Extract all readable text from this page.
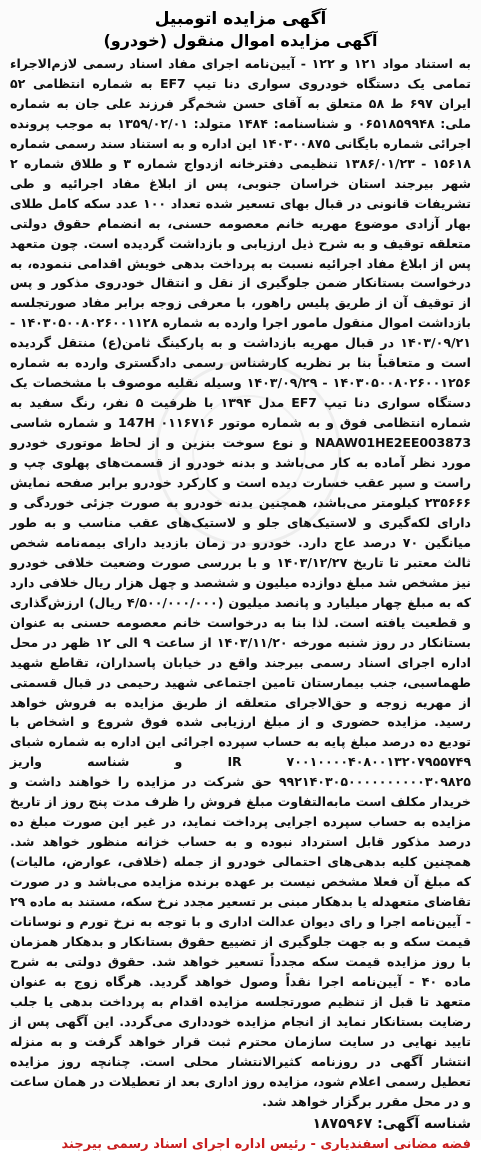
آگهی مزایده اتومبیل
آگهی مزایده اموال منقول (خودرو)
به استناد مواد ۱۲۱ و ۱۲۲ - آیین‌نامه اجرای مفاد اسناد رسمی لازم‌الاجراء تمامی یک دستگاه خودروی سواری دنا تیپ EF7 به شماره انتظامی ۵۲ ایران ۶۹۷ ط ۵۸ متعلق به آقای حسن شخم‌گر فرزند علی جان به شماره ملی: ۰۶۵۱۸۵۹۹۴۸ و شناسنامه: ۱۴۸۴ متولد: ۱۳۵۹/۰۲/۰۱ به موجب پرونده اجرائی شماره بایگانی ۱۴۰۳۰۰۸۷۵ این اداره و به استناد سند رسمی شماره ۱۵۶۱۸ - ۱۳۸۶/۰۱/۲۳ تنظیمی دفترخانه ازدواج شماره ۳ و طلاق شماره ۲ شهر بیرجند استان خراسان جنوبی، پس از ابلاغ مفاد اجرائیه و طی تشریفات قانونی در قبال بهای تسعیر شده تعداد ۱۰۰ عدد سکه کامل طلای بهار آزادی موضوع مهریه خانم معصومه حسنی، به انضمام حقوق دولتی متعلقه توقیف و به شرح ذیل ارزیابی و بازداشت گردیده است. چون متعهد پس از ابلاغ مفاد اجرائیه نسبت به پرداخت بدهی خویش اقدامی ننموده، به درخواست بستانکار ضمن جلوگیری از نقل و انتقال خودروی مذکور و پس از توقیف آن از طریق پلیس راهور، با معرفی زوجه برابر مفاد صورتجلسه بازداشت اموال منقول مامور اجرا وارده به شماره ۱۴۰۳۰۵۰۰۸۰۲۶۰۰۱۱۲۸ - ۱۴۰۳/۰۹/۲۱ در قبال مهریه بازداشت و به پارکینگ ثامن(ع) منتقل گردیده است و متعاقباً بنا بر نظریه کارشناس رسمی دادگستری وارده به شماره ۱۴۰۳۰۵۰۰۸۰۲۶۰۰۱۲۵۶ - ۱۴۰۳/۰۹/۲۹ وسیله نقلیه موصوف با مشخصات یک دستگاه سواری دنا تیپ EF7 مدل ۱۳۹۴ با ظرفیت ۵ نفر، رنگ سفید به شماره انتظامی فوق و به شماره موتور 147H ۰۱۱۶۷۱۶ و شماره شاسی NAAW01HE2EE003873 و نوع سوخت بنزین و از لحاظ موتوری خودرو مورد نظر آماده به کار می‌باشد و بدنه خودرو از قسمت‌های پهلوی چپ و راست و سپر عقب خسارت دیده است و کارکرد خودرو برابر صفحه نمایش ۲۳۵۶۶۶ کیلومتر می‌باشد، همچنین بدنه خودرو به صورت جزئی خوردگی و دارای لکه‌گیری و لاستیک‌های جلو و لاستیک‌های عقب مناسب و به طور میانگین ۷۰ درصد عاج دارد. خودرو در زمان بازدید دارای بیمه‌نامه شخص ثالث معتبر تا تاریخ ۱۴۰۳/۱۲/۲۷ و با بررسی صورت وضعیت خلافی خودرو نیز مشخص شد مبلغ دوازده میلیون و ششصد و چهل هزار ریال خلافی دارد که به مبلغ چهار میلیارد و پانصد میلیون (۴/۵۰۰/۰۰۰/۰۰۰ ریال) ارزش‌گذاری و قطعیت یافته است. لذا بنا به درخواست خانم معصومه حسنی به عنوان بستانکار در روز شنبه مورخه ۱۴۰۳/۱۱/۲۰ از ساعت ۹ الی ۱۲ ظهر در محل اداره اجرای اسناد رسمی بیرجند واقع در خیابان پاسداران، تقاطع شهید طهماسبی، جنب بیمارستان تامین اجتماعی شهید رحیمی در قبال قسمتی از مهریه زوجه و حق‌الاجرای متعلقه از طریق مزایده به فروش خواهد رسید. مزایده حضوری و از مبلغ ارزیابی شده فوق شروع و اشخاص با تودیع ده درصد مبلغ پایه به حساب سپرده اجرائی این اداره به شماره شبای IR ۷۰۰۱۰۰۰۰۴۰۸۰۰۱۳۲۰۷۹۵۵۷۴۹ و شناسه واریز ۹۹۲۱۴۰۳۰۵۰۰۰۰۰۰۰۰۰۰۳۰۹۸۲۵ حق شرکت در مزایده را خواهند داشت و خریدار مکلف است مابه‌التفاوت مبلغ فروش را ظرف مدت پنج روز از تاریخ مزایده به حساب سپرده اجرایی پرداخت نماید، در غیر این صورت مبلغ ده درصد مذکور قابل استرداد نبوده و به حساب خزانه منظور خواهد شد. همچنین کلیه بدهی‌های احتمالی خودرو از جمله (خلافی، عوارض، مالیات) که مبلغ آن فعلا مشخص نیست بر عهده برنده مزایده می‌باشد و در صورت تقاضای متعهدله یا بدهکار مبنی بر تسعیر مجدد نرخ سکه، مستند به ماده ۲۹ - آیین‌نامه اجرا و رای دیوان عدالت اداری و با توجه به نرخ تورم و نوسانات قیمت سکه و به جهت جلوگیری از تضییع حقوق بستانکار و بدهکار همزمان با روز مزایده قیمت سکه مجدداً تسعیر خواهد شد. حقوق دولتی به شرح ماده ۴۰ - آیین‌نامه اجرا نقداً وصول خواهد گردید. هرگاه زوج به عنوان متعهد تا قبل از تنظیم صورتجلسه مزایده اقدام به پرداخت بدهی یا جلب رضایت بستانکار نماید از انجام مزایده خودداری می‌گردد. این آگهی پس از تایید نهایی در سایت سازمان محترم ثبت قرار خواهد گرفت و به منزله انتشار آگهی در روزنامه کثیرالانتشار محلی است. چنانچه روز مزایده تعطیل رسمی اعلام شود، مزایده روز اداری بعد از تعطیلات در همان ساعت و در محل مقرر برگزار خواهد شد.
شناسه آگهی: ۱۸۷۵۹۶۷
فضه مضانی اسفندیاری - رئیس اداره اجرای اسناد رسمی بیرجند
